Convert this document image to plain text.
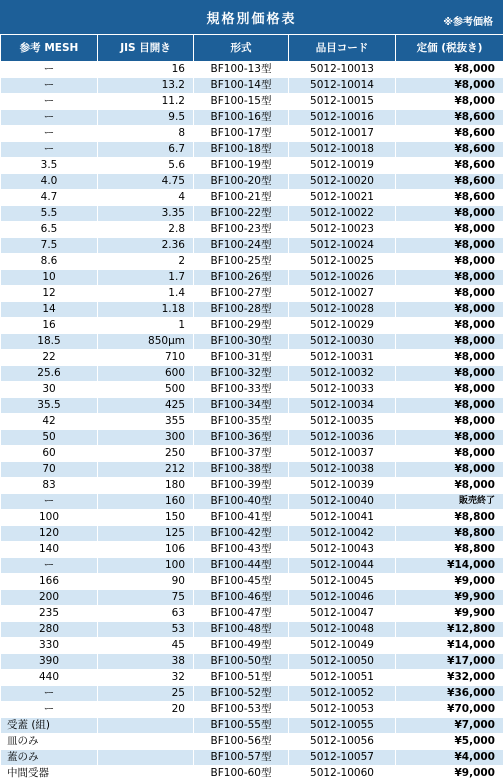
規格別価格表	※参考価格
参考 MESH	JIS 目開き	形式	品目コード	定価 (税抜き)
ー	16	BF100-13型	5012-10013	¥8,000
ー	13.2	BF100-14型	5012-10014	¥8,000
ー	11.2	BF100-15型	5012-10015	¥8,000
ー	9.5	BF100-16型	5012-10016	¥8,600
ー	8	BF100-17型	5012-10017	¥8,600
ー	6.7	BF100-18型	5012-10018	¥8,600
3.5	5.6	BF100-19型	5012-10019	¥8,600
4.0	4.75	BF100-20型	5012-10020	¥8,600
4.7	4	BF100-21型	5012-10021	¥8,600
5.5	3.35	BF100-22型	5012-10022	¥8,000
6.5	2.8	BF100-23型	5012-10023	¥8,000
7.5	2.36	BF100-24型	5012-10024	¥8,000
8.6	2	BF100-25型	5012-10025	¥8,000
10	1.7	BF100-26型	5012-10026	¥8,000
12	1.4	BF100-27型	5012-10027	¥8,000
14	1.18	BF100-28型	5012-10028	¥8,000
16	1	BF100-29型	5012-10029	¥8,000
18.5	850μm	BF100-30型	5012-10030	¥8,000
22	710	BF100-31型	5012-10031	¥8,000
25.6	600	BF100-32型	5012-10032	¥8,000
30	500	BF100-33型	5012-10033	¥8,000
35.5	425	BF100-34型	5012-10034	¥8,000
42	355	BF100-35型	5012-10035	¥8,000
50	300	BF100-36型	5012-10036	¥8,000
60	250	BF100-37型	5012-10037	¥8,000
70	212	BF100-38型	5012-10038	¥8,000
83	180	BF100-39型	5012-10039	¥8,000
ー	160	BF100-40型	5012-10040	販売終了
100	150	BF100-41型	5012-10041	¥8,800
120	125	BF100-42型	5012-10042	¥8,800
140	106	BF100-43型	5012-10043	¥8,800
ー	100	BF100-44型	5012-10044	¥14,000
166	90	BF100-45型	5012-10045	¥9,000
200	75	BF100-46型	5012-10046	¥9,900
235	63	BF100-47型	5012-10047	¥9,900
280	53	BF100-48型	5012-10048	¥12,800
330	45	BF100-49型	5012-10049	¥14,000
390	38	BF100-50型	5012-10050	¥17,000
440	32	BF100-51型	5012-10051	¥32,000
ー	25	BF100-52型	5012-10052	¥36,000
ー	20	BF100-53型	5012-10053	¥70,000
受蓋 (組)		BF100-55型	5012-10055	¥7,000
皿のみ		BF100-56型	5012-10056	¥5,000
蓋のみ		BF100-57型	5012-10057	¥4,000
中間受器		BF100-60型	5012-10060	¥9,000
